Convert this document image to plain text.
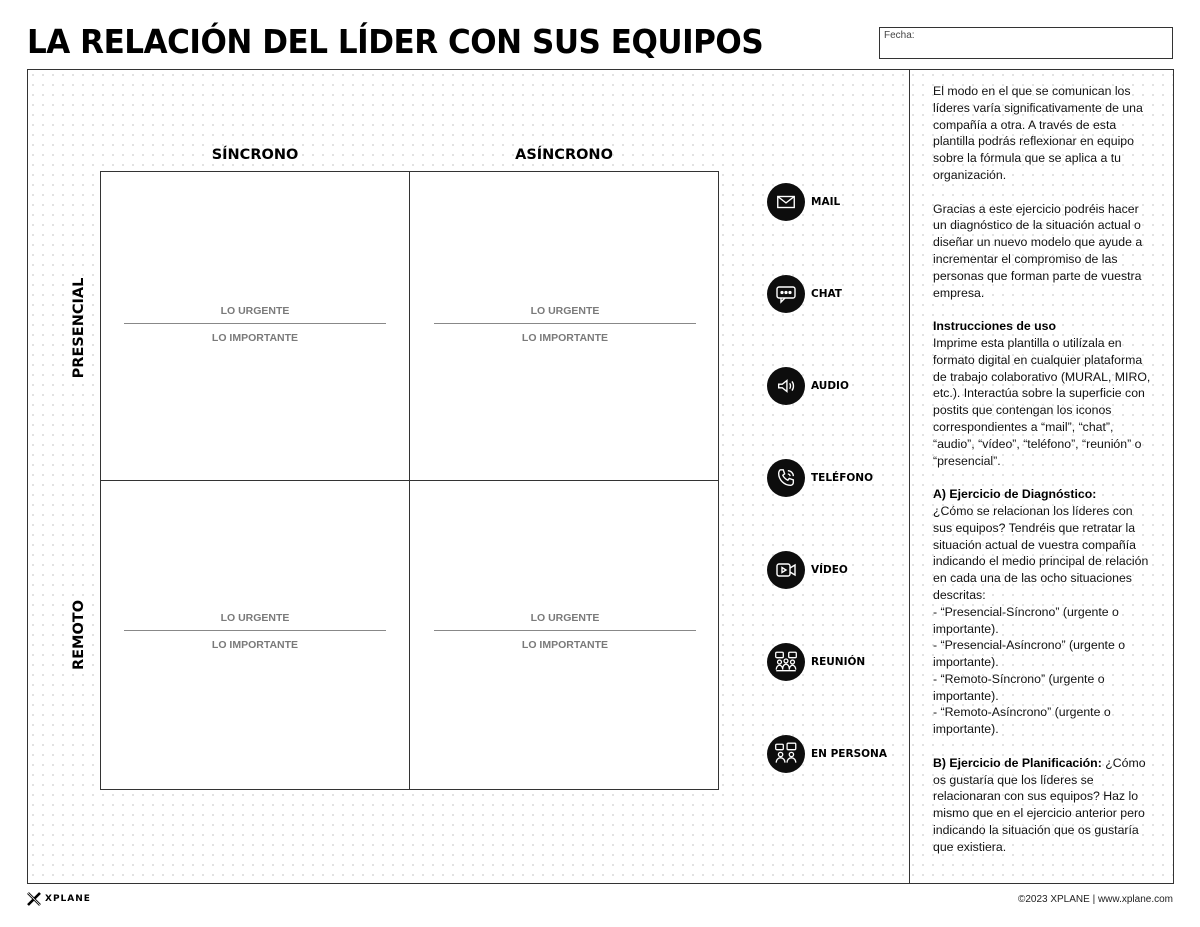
LA RELACIÓN DEL LÍDER CON SUS EQUIPOS	Fecha:
SÍNCRONO	ASÍNCRONO
PRESENCIAL
REMOTO
LO URGENTE
LO IMPORTANTE
LO URGENTE
LO IMPORTANTE
LO URGENTE
LO IMPORTANTE
LO URGENTE
LO IMPORTANTE
MAIL
CHAT
AUDIO
TELÉFONO
VÍDEO
REUNIÓN
EN PERSONA

El modo en el que se comunican los líderes varía significativamente de una compañía a otra. A través de esta plantilla podrás reflexionar en equipo sobre la fórmula que se aplica a tu organización.

Gracias a este ejercicio podréis hacer un diagnóstico de la situación actual o diseñar un nuevo modelo que ayude a incrementar el compromiso de las personas que forman parte de vuestra empresa.

Instrucciones de uso

Imprime esta plantilla o utilízala en formato digital en cualquier plataforma de trabajo colaborativo (MURAL, MIRO, etc.). Interactúa sobre la superficie con postits que contengan los iconos correspondientes a “mail”, “chat”, “audio”, “vídeo”, “teléfono”, “reunión” o “presencial”.

A) Ejercicio de Diagnóstico:

¿Cómo se relacionan los líderes con sus equipos? Tendréis que retratar la situación actual de vuestra compañía indicando el medio principal de relación en cada una de las ocho situaciones descritas:

- “Presencial-Síncrono” (urgente o importante).
- “Presencial-Asíncrono” (urgente o importante).
- “Remoto-Síncrono” (urgente o importante).
- “Remoto-Asíncrono” (urgente o importante).

B) Ejercicio de Planificación: ¿Cómo os gustaría que los líderes se relacionaran con sus equipos? Haz lo mismo que en el ejercicio anterior pero indicando la situación que os gustaría que existiera.

XPLANE	©2023 XPLANE | www.xplane.com
